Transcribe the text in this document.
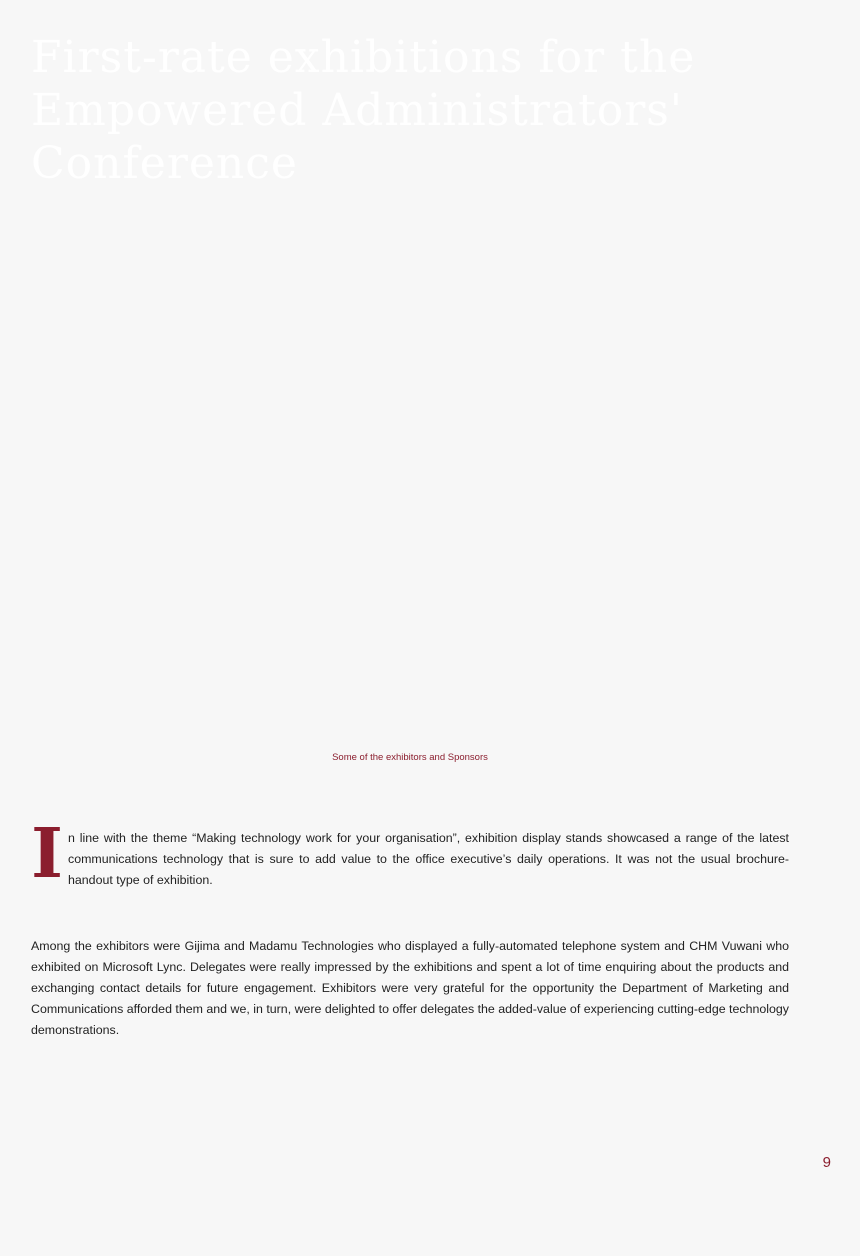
First-rate exhibitions for the Empowered Administrators' Conference

Some of the exhibitors and Sponsors

I n line with the theme “Making technology work for your organisation”, exhibition display stands showcased a range of the latest communications technology that is sure to add value to the office executive’s daily operations. It was not the usual brochure-handout type of exhibition.

Among the exhibitors were Gijima and Madamu Technologies who displayed a fully-automated telephone system and CHM Vuwani who exhibited on Microsoft Lync. Delegates were really impressed by the exhibitions and spent a lot of time enquiring about the products and exchanging contact details for future engagement. Exhibitors were very grateful for the opportunity the Department of Marketing and Communications afforded them and we, in turn, were delighted to offer delegates the added-value of experiencing cutting-edge technology demonstrations.

9
